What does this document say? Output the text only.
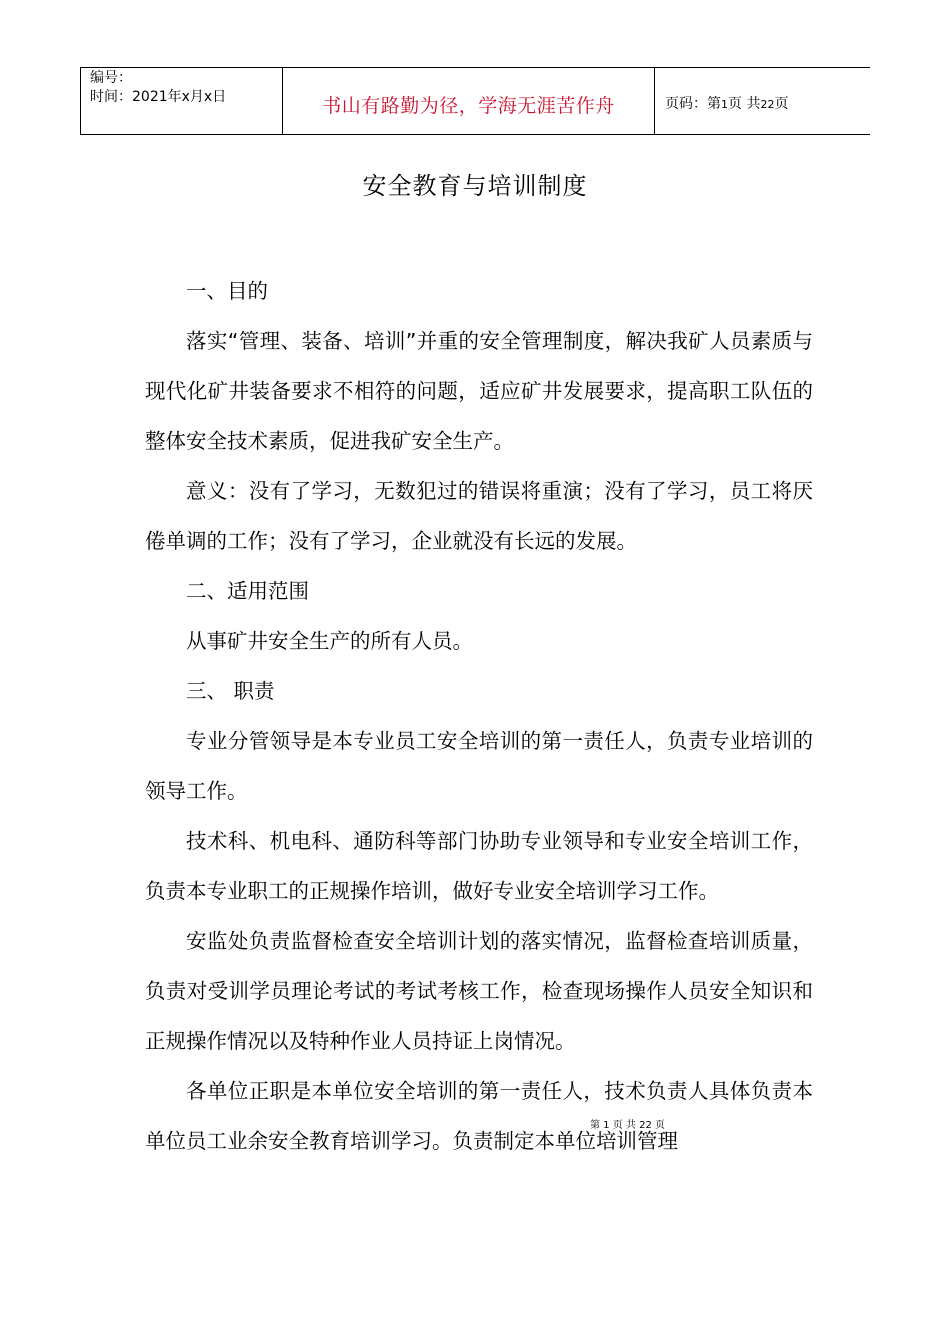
编号：
时间：2021年x月x日	书山有路勤为径，学海无涯苦作舟	页码：第1页 共22页
安全教育与培训制度

一、目的

落实“管理、装备、培训”并重的安全管理制度，解决我矿人员素质与现代化矿井装备要求不相符的问题，适应矿井发展要求，提高职工队伍的整体安全技术素质，促进我矿安全生产。

意义：没有了学习，无数犯过的错误将重演；没有了学习，员工将厌倦单调的工作；没有了学习，企业就没有长远的发展。

二、适用范围

从事矿井安全生产的所有人员。

三、 职责

专业分管领导是本专业员工安全培训的第一责任人，负责专业培训的领导工作。

技术科、机电科、通防科等部门协助专业领导和专业安全培训工作，负责本专业职工的正规操作培训，做好专业安全培训学习工作。

安监处负责监督检查安全培训计划的落实情况，监督检查培训质量，负责对受训学员理论考试的考试考核工作，检查现场操作人员安全知识和正规操作情况以及特种作业人员持证上岗情况。

各单位正职是本单位安全培训的第一责任人，技术负责人具体负责本单位员工业余安全教育培训学习。负责制定本单位培训管理

第 1 页 共 22 页
